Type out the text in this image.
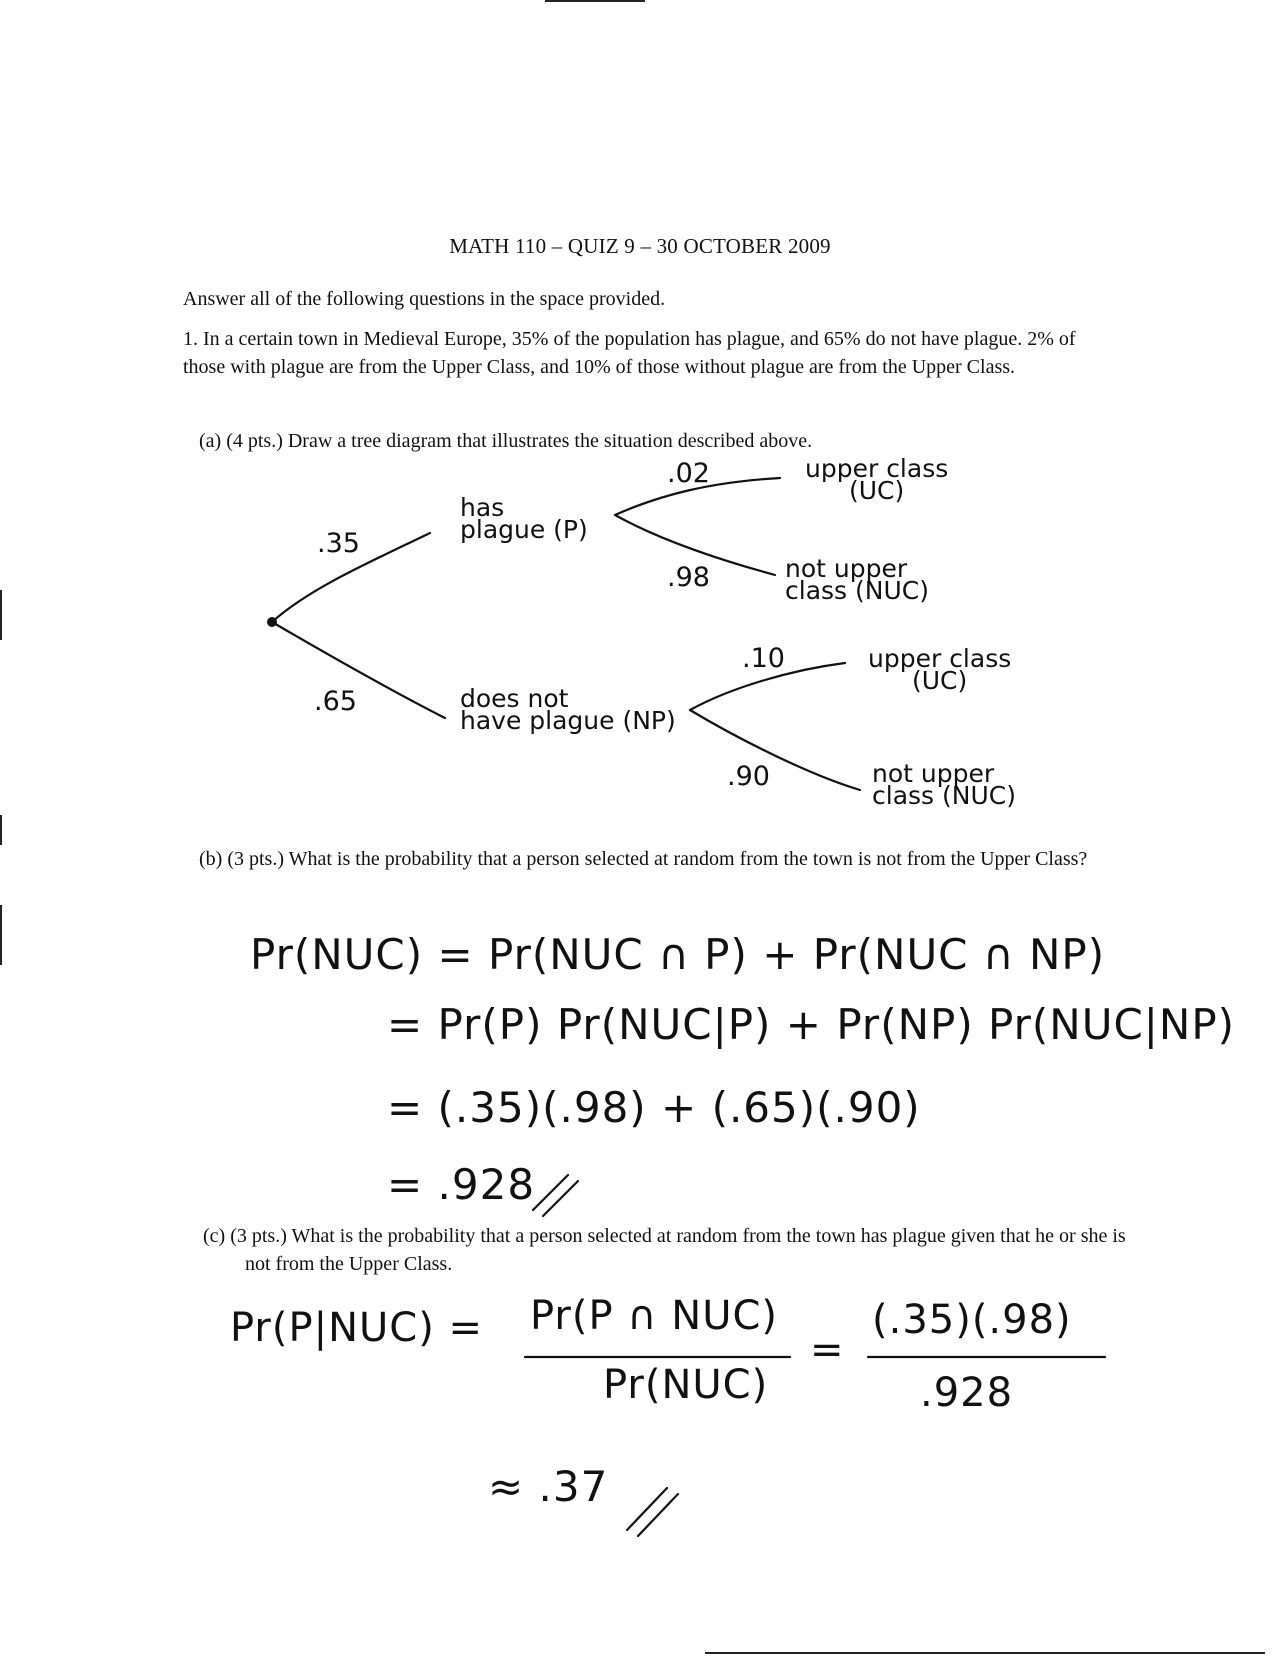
MATH 110 – QUIZ 9 – 30 OCTOBER 2009
Answer all of the following questions in the space provided.
1. In a certain town in Medieval Europe, 35% of the population has plague, and 65% do not have plague. 2% of those with plague are from the Upper Class, and 10% of those without plague are from the Upper Class.
(a) (4 pts.) Draw a tree diagram that illustrates the situation described above.
(b) (3 pts.) What is the probability that a person selected at random from the town is not from the Upper Class?
(c) (3 pts.) What is the probability that a person selected at random from the town has plague given that he or she is not from the Upper Class.
.35
.65
has
plague (P)
does not
have plague (NP)
.02
.98
.10
.90
upper class
(UC)
not upper
class (NUC)
upper class
(UC)
not upper
class (NUC)
Pr(NUC) = Pr(NUC ∩ P) + Pr(NUC ∩ NP)
= Pr(P) Pr(NUC|P) + Pr(NP) Pr(NUC|NP)
= (.35)(.98) + (.65)(.90)
= .928
Pr(P|NUC) = Pr(P ∩ NUC)
Pr(NUC)
=
(.35)(.98)
.928
≈ .37
